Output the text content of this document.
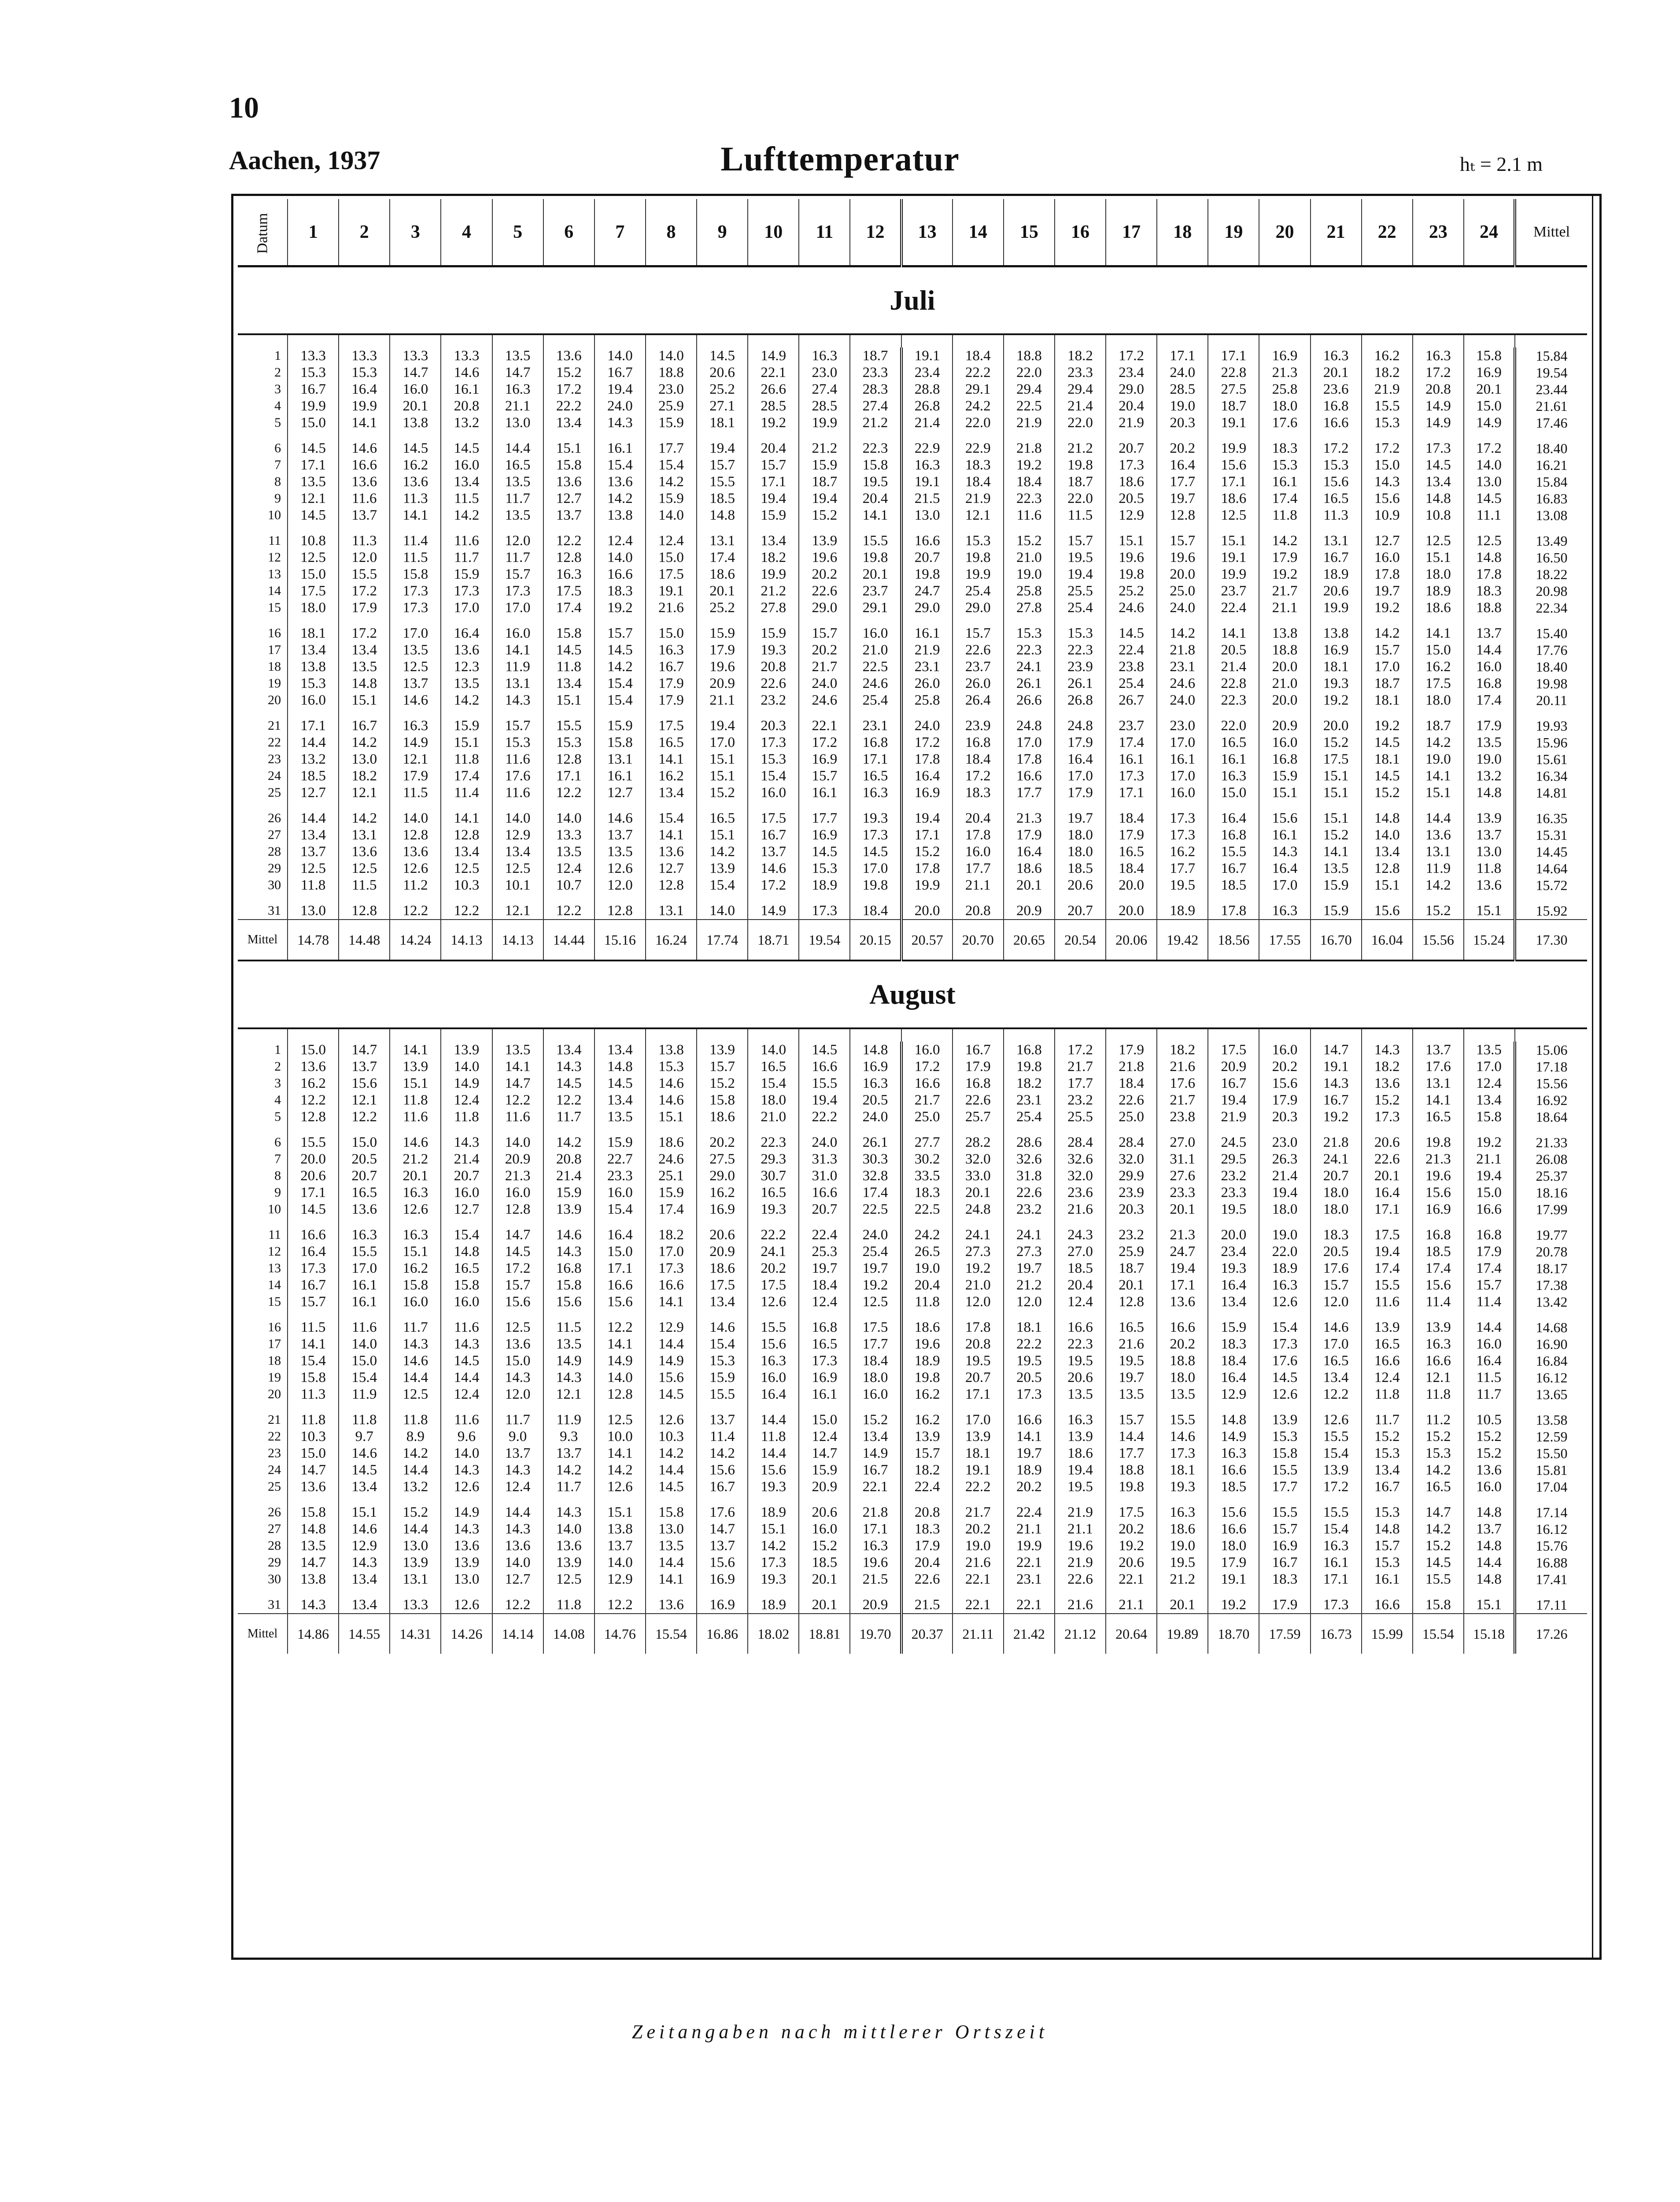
10
Aachen, 1937	Lufttemperatur	hₜ = 2.1 m
Datum	1	2	3	4	5	6	7	8	9	10	11	12	13	14	15	16	17	18	19	20	21	22	23	24	Mittel
Juli																									

1	13.3	13.3	13.3	13.3	13.5	13.6	14.0	14.0	14.5	14.9	16.3	18.7	19.1	18.4	18.8	18.2	17.2	17.1	17.1	16.9	16.3	16.2	16.3	15.8	15.84
2	15.3	15.3	14.7	14.6	14.7	15.2	16.7	18.8	20.6	22.1	23.0	23.3	23.4	22.2	22.0	23.3	23.4	24.0	22.8	21.3	20.1	18.2	17.2	16.9	19.54
3	16.7	16.4	16.0	16.1	16.3	17.2	19.4	23.0	25.2	26.6	27.4	28.3	28.8	29.1	29.4	29.4	29.0	28.5	27.5	25.8	23.6	21.9	20.8	20.1	23.44
4	19.9	19.9	20.1	20.8	21.1	22.2	24.0	25.9	27.1	28.5	28.5	27.4	26.8	24.2	22.5	21.4	20.4	19.0	18.7	18.0	16.8	15.5	14.9	15.0	21.61
5	15.0	14.1	13.8	13.2	13.0	13.4	14.3	15.9	18.1	19.2	19.9	21.2	21.4	22.0	21.9	22.0	21.9	20.3	19.1	17.6	16.6	15.3	14.9	14.9	17.46
6	14.5	14.6	14.5	14.5	14.4	15.1	16.1	17.7	19.4	20.4	21.2	22.3	22.9	22.9	21.8	21.2	20.7	20.2	19.9	18.3	17.2	17.2	17.3	17.2	18.40
7	17.1	16.6	16.2	16.0	16.5	15.8	15.4	15.4	15.7	15.7	15.9	15.8	16.3	18.3	19.2	19.8	17.3	16.4	15.6	15.3	15.3	15.0	14.5	14.0	16.21
8	13.5	13.6	13.6	13.4	13.5	13.6	13.6	14.2	15.5	17.1	18.7	19.5	19.1	18.4	18.4	18.7	18.6	17.7	17.1	16.1	15.6	14.3	13.4	13.0	15.84
9	12.1	11.6	11.3	11.5	11.7	12.7	14.2	15.9	18.5	19.4	19.4	20.4	21.5	21.9	22.3	22.0	20.5	19.7	18.6	17.4	16.5	15.6	14.8	14.5	16.83
10	14.5	13.7	14.1	14.2	13.5	13.7	13.8	14.0	14.8	15.9	15.2	14.1	13.0	12.1	11.6	11.5	12.9	12.8	12.5	11.8	11.3	10.9	10.8	11.1	13.08
11	10.8	11.3	11.4	11.6	12.0	12.2	12.4	12.4	13.1	13.4	13.9	15.5	16.6	15.3	15.2	15.7	15.1	15.7	15.1	14.2	13.1	12.7	12.5	12.5	13.49
12	12.5	12.0	11.5	11.7	11.7	12.8	14.0	15.0	17.4	18.2	19.6	19.8	20.7	19.8	21.0	19.5	19.6	19.6	19.1	17.9	16.7	16.0	15.1	14.8	16.50
13	15.0	15.5	15.8	15.9	15.7	16.3	16.6	17.5	18.6	19.9	20.2	20.1	19.8	19.9	19.0	19.4	19.8	20.0	19.9	19.2	18.9	17.8	18.0	17.8	18.22
14	17.5	17.2	17.3	17.3	17.3	17.5	18.3	19.1	20.1	21.2	22.6	23.7	24.7	25.4	25.8	25.5	25.2	25.0	23.7	21.7	20.6	19.7	18.9	18.3	20.98
15	18.0	17.9	17.3	17.0	17.0	17.4	19.2	21.6	25.2	27.8	29.0	29.1	29.0	29.0	27.8	25.4	24.6	24.0	22.4	21.1	19.9	19.2	18.6	18.8	22.34
16	18.1	17.2	17.0	16.4	16.0	15.8	15.7	15.0	15.9	15.9	15.7	16.0	16.1	15.7	15.3	15.3	14.5	14.2	14.1	13.8	13.8	14.2	14.1	13.7	15.40
17	13.4	13.4	13.5	13.6	14.1	14.5	14.5	16.3	17.9	19.3	20.2	21.0	21.9	22.6	22.3	22.3	22.4	21.8	20.5	18.8	16.9	15.7	15.0	14.4	17.76
18	13.8	13.5	12.5	12.3	11.9	11.8	14.2	16.7	19.6	20.8	21.7	22.5	23.1	23.7	24.1	23.9	23.8	23.1	21.4	20.0	18.1	17.0	16.2	16.0	18.40
19	15.3	14.8	13.7	13.5	13.1	13.4	15.4	17.9	20.9	22.6	24.0	24.6	26.0	26.0	26.1	26.1	25.4	24.6	22.8	21.0	19.3	18.7	17.5	16.8	19.98
20	16.0	15.1	14.6	14.2	14.3	15.1	15.4	17.9	21.1	23.2	24.6	25.4	25.8	26.4	26.6	26.8	26.7	24.0	22.3	20.0	19.2	18.1	18.0	17.4	20.11
21	17.1	16.7	16.3	15.9	15.7	15.5	15.9	17.5	19.4	20.3	22.1	23.1	24.0	23.9	24.8	24.8	23.7	23.0	22.0	20.9	20.0	19.2	18.7	17.9	19.93
22	14.4	14.2	14.9	15.1	15.3	15.3	15.8	16.5	17.0	17.3	17.2	16.8	17.2	16.8	17.0	17.9	17.4	17.0	16.5	16.0	15.2	14.5	14.2	13.5	15.96
23	13.2	13.0	12.1	11.8	11.6	12.8	13.1	14.1	15.1	15.3	16.9	17.1	17.8	18.4	17.8	16.4	16.1	16.1	16.1	16.8	17.5	18.1	19.0	19.0	15.61
24	18.5	18.2	17.9	17.4	17.6	17.1	16.1	16.2	15.1	15.4	15.7	16.5	16.4	17.2	16.6	17.0	17.3	17.0	16.3	15.9	15.1	14.5	14.1	13.2	16.34
25	12.7	12.1	11.5	11.4	11.6	12.2	12.7	13.4	15.2	16.0	16.1	16.3	16.9	18.3	17.7	17.9	17.1	16.0	15.0	15.1	15.1	15.2	15.1	14.8	14.81
26	14.4	14.2	14.0	14.1	14.0	14.0	14.6	15.4	16.5	17.5	17.7	19.3	19.4	20.4	21.3	19.7	18.4	17.3	16.4	15.6	15.1	14.8	14.4	13.9	16.35
27	13.4	13.1	12.8	12.8	12.9	13.3	13.7	14.1	15.1	16.7	16.9	17.3	17.1	17.8	17.9	18.0	17.9	17.3	16.8	16.1	15.2	14.0	13.6	13.7	15.31
28	13.7	13.6	13.6	13.4	13.4	13.5	13.5	13.6	14.2	13.7	14.5	14.5	15.2	16.0	16.4	18.0	16.5	16.2	15.5	14.3	14.1	13.4	13.1	13.0	14.45
29	12.5	12.5	12.6	12.5	12.5	12.4	12.6	12.7	13.9	14.6	15.3	17.0	17.8	17.7	18.6	18.5	18.4	17.7	16.7	16.4	13.5	12.8	11.9	11.8	14.64
30	11.8	11.5	11.2	10.3	10.1	10.7	12.0	12.8	15.4	17.2	18.9	19.8	19.9	21.1	20.1	20.6	20.0	19.5	18.5	17.0	15.9	15.1	14.2	13.6	15.72
31	13.0	12.8	12.2	12.2	12.1	12.2	12.8	13.1	14.0	14.9	17.3	18.4	20.0	20.8	20.9	20.7	20.0	18.9	17.8	16.3	15.9	15.6	15.2	15.1	15.92
Mittel	14.78	14.48	14.24	14.13	14.13	14.44	15.16	16.24	17.74	18.71	19.54	20.15	20.57	20.70	20.65	20.54	20.06	19.42	18.56	17.55	16.70	16.04	15.56	15.24	17.30
August																									

1	15.0	14.7	14.1	13.9	13.5	13.4	13.4	13.8	13.9	14.0	14.5	14.8	16.0	16.7	16.8	17.2	17.9	18.2	17.5	16.0	14.7	14.3	13.7	13.5	15.06
2	13.6	13.7	13.9	14.0	14.1	14.3	14.8	15.3	15.7	16.5	16.6	16.9	17.2	17.9	19.8	21.7	21.8	21.6	20.9	20.2	19.1	18.2	17.6	17.0	17.18
3	16.2	15.6	15.1	14.9	14.7	14.5	14.5	14.6	15.2	15.4	15.5	16.3	16.6	16.8	18.2	17.7	18.4	17.6	16.7	15.6	14.3	13.6	13.1	12.4	15.56
4	12.2	12.1	11.8	12.4	12.2	12.2	13.4	14.6	15.8	18.0	19.4	20.5	21.7	22.6	23.1	23.2	22.6	21.7	19.4	17.9	16.7	15.2	14.1	13.4	16.92
5	12.8	12.2	11.6	11.8	11.6	11.7	13.5	15.1	18.6	21.0	22.2	24.0	25.0	25.7	25.4	25.5	25.0	23.8	21.9	20.3	19.2	17.3	16.5	15.8	18.64
6	15.5	15.0	14.6	14.3	14.0	14.2	15.9	18.6	20.2	22.3	24.0	26.1	27.7	28.2	28.6	28.4	28.4	27.0	24.5	23.0	21.8	20.6	19.8	19.2	21.33
7	20.0	20.5	21.2	21.4	20.9	20.8	22.7	24.6	27.5	29.3	31.3	30.3	30.2	32.0	32.6	32.6	32.0	31.1	29.5	26.3	24.1	22.6	21.3	21.1	26.08
8	20.6	20.7	20.1	20.7	21.3	21.4	23.3	25.1	29.0	30.7	31.0	32.8	33.5	33.0	31.8	32.0	29.9	27.6	23.2	21.4	20.7	20.1	19.6	19.4	25.37
9	17.1	16.5	16.3	16.0	16.0	15.9	16.0	15.9	16.2	16.5	16.6	17.4	18.3	20.1	22.6	23.6	23.9	23.3	23.3	19.4	18.0	16.4	15.6	15.0	18.16
10	14.5	13.6	12.6	12.7	12.8	13.9	15.4	17.4	16.9	19.3	20.7	22.5	22.5	24.8	23.2	21.6	20.3	20.1	19.5	18.0	18.0	17.1	16.9	16.6	17.99
11	16.6	16.3	16.3	15.4	14.7	14.6	16.4	18.2	20.6	22.2	22.4	24.0	24.2	24.1	24.1	24.3	23.2	21.3	20.0	19.0	18.3	17.5	16.8	16.8	19.77
12	16.4	15.5	15.1	14.8	14.5	14.3	15.0	17.0	20.9	24.1	25.3	25.4	26.5	27.3	27.3	27.0	25.9	24.7	23.4	22.0	20.5	19.4	18.5	17.9	20.78
13	17.3	17.0	16.2	16.5	17.2	16.8	17.1	17.3	18.6	20.2	19.7	19.7	19.0	19.2	19.7	18.5	18.7	19.4	19.3	18.9	17.6	17.4	17.4	17.4	18.17
14	16.7	16.1	15.8	15.8	15.7	15.8	16.6	16.6	17.5	17.5	18.4	19.2	20.4	21.0	21.2	20.4	20.1	17.1	16.4	16.3	15.7	15.5	15.6	15.7	17.38
15	15.7	16.1	16.0	16.0	15.6	15.6	15.6	14.1	13.4	12.6	12.4	12.5	11.8	12.0	12.0	12.4	12.8	13.6	13.4	12.6	12.0	11.6	11.4	11.4	13.42
16	11.5	11.6	11.7	11.6	12.5	11.5	12.2	12.9	14.6	15.5	16.8	17.5	18.6	17.8	18.1	16.6	16.5	16.6	15.9	15.4	14.6	13.9	13.9	14.4	14.68
17	14.1	14.0	14.3	14.3	13.6	13.5	14.1	14.4	15.4	15.6	16.5	17.7	19.6	20.8	22.2	22.3	21.6	20.2	18.3	17.3	17.0	16.5	16.3	16.0	16.90
18	15.4	15.0	14.6	14.5	15.0	14.9	14.9	14.9	15.3	16.3	17.3	18.4	18.9	19.5	19.5	19.5	19.5	18.8	18.4	17.6	16.5	16.6	16.6	16.4	16.84
19	15.8	15.4	14.4	14.4	14.3	14.3	14.0	15.6	15.9	16.0	16.9	18.0	19.8	20.7	20.5	20.6	19.7	18.0	16.4	14.5	13.4	12.4	12.1	11.5	16.12
20	11.3	11.9	12.5	12.4	12.0	12.1	12.8	14.5	15.5	16.4	16.1	16.0	16.2	17.1	17.3	13.5	13.5	13.5	12.9	12.6	12.2	11.8	11.8	11.7	13.65
21	11.8	11.8	11.8	11.6	11.7	11.9	12.5	12.6	13.7	14.4	15.0	15.2	16.2	17.0	16.6	16.3	15.7	15.5	14.8	13.9	12.6	11.7	11.2	10.5	13.58
22	10.3	9.7	8.9	9.6	9.0	9.3	10.0	10.3	11.4	11.8	12.4	13.4	13.9	13.9	14.1	13.9	14.4	14.6	14.9	15.3	15.5	15.2	15.2	15.2	12.59
23	15.0	14.6	14.2	14.0	13.7	13.7	14.1	14.2	14.2	14.4	14.7	14.9	15.7	18.1	19.7	18.6	17.7	17.3	16.3	15.8	15.4	15.3	15.3	15.2	15.50
24	14.7	14.5	14.4	14.3	14.3	14.2	14.2	14.4	15.6	15.6	15.9	16.7	18.2	19.1	18.9	19.4	18.8	18.1	16.6	15.5	13.9	13.4	14.2	13.6	15.81
25	13.6	13.4	13.2	12.6	12.4	11.7	12.6	14.5	16.7	19.3	20.9	22.1	22.4	22.2	20.2	19.5	19.8	19.3	18.5	17.7	17.2	16.7	16.5	16.0	17.04
26	15.8	15.1	15.2	14.9	14.4	14.3	15.1	15.8	17.6	18.9	20.6	21.8	20.8	21.7	22.4	21.9	17.5	16.3	15.6	15.5	15.5	15.3	14.7	14.8	17.14
27	14.8	14.6	14.4	14.3	14.3	14.0	13.8	13.0	14.7	15.1	16.0	17.1	18.3	20.2	21.1	21.1	20.2	18.6	16.6	15.7	15.4	14.8	14.2	13.7	16.12
28	13.5	12.9	13.0	13.6	13.6	13.6	13.7	13.5	13.7	14.2	15.2	16.3	17.9	19.0	19.9	19.6	19.2	19.0	18.0	16.9	16.3	15.7	15.2	14.8	15.76
29	14.7	14.3	13.9	13.9	14.0	13.9	14.0	14.4	15.6	17.3	18.5	19.6	20.4	21.6	22.1	21.9	20.6	19.5	17.9	16.7	16.1	15.3	14.5	14.4	16.88
30	13.8	13.4	13.1	13.0	12.7	12.5	12.9	14.1	16.9	19.3	20.1	21.5	22.6	22.1	23.1	22.6	22.1	21.2	19.1	18.3	17.1	16.1	15.5	14.8	17.41
31	14.3	13.4	13.3	12.6	12.2	11.8	12.2	13.6	16.9	18.9	20.1	20.9	21.5	22.1	22.1	21.6	21.1	20.1	19.2	17.9	17.3	16.6	15.8	15.1	17.11
Mittel	14.86	14.55	14.31	14.26	14.14	14.08	14.76	15.54	16.86	18.02	18.81	19.70	20.37	21.11	21.42	21.12	20.64	19.89	18.70	17.59	16.73	15.99	15.54	15.18	17.26
Zeitangaben nach mittlerer Ortszeit
